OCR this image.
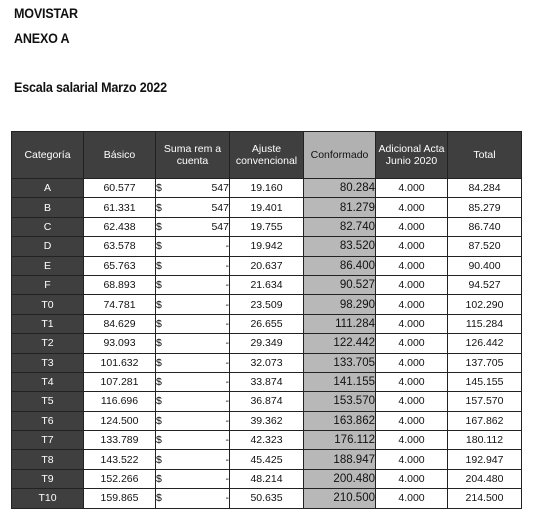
MOVISTAR
ANEXO A
Escala salarial Marzo 2022
Categoría	Básico	Suma rem a cuenta	Ajuste convencional	Conformado	Adicional Acta Junio 2020	Total
A	60.577	$ 547	19.160	80.284	4.000	84.284
B	61.331	$ 547	19.401	81.279	4.000	85.279
C	62.438	$ 547	19.755	82.740	4.000	86.740
D	63.578	$ -	19.942	83.520	4.000	87.520
E	65.763	$ -	20.637	86.400	4.000	90.400
F	68.893	$ -	21.634	90.527	4.000	94.527
T0	74.781	$ -	23.509	98.290	4.000	102.290
T1	84.629	$ -	26.655	111.284	4.000	115.284
T2	93.093	$ -	29.349	122.442	4.000	126.442
T3	101.632	$ -	32.073	133.705	4.000	137.705
T4	107.281	$ -	33.874	141.155	4.000	145.155
T5	116.696	$ -	36.874	153.570	4.000	157.570
T6	124.500	$ -	39.362	163.862	4.000	167.862
T7	133.789	$ -	42.323	176.112	4.000	180.112
T8	143.522	$ -	45.425	188.947	4.000	192.947
T9	152.266	$ -	48.214	200.480	4.000	204.480
T10	159.865	$ -	50.635	210.500	4.000	214.500
